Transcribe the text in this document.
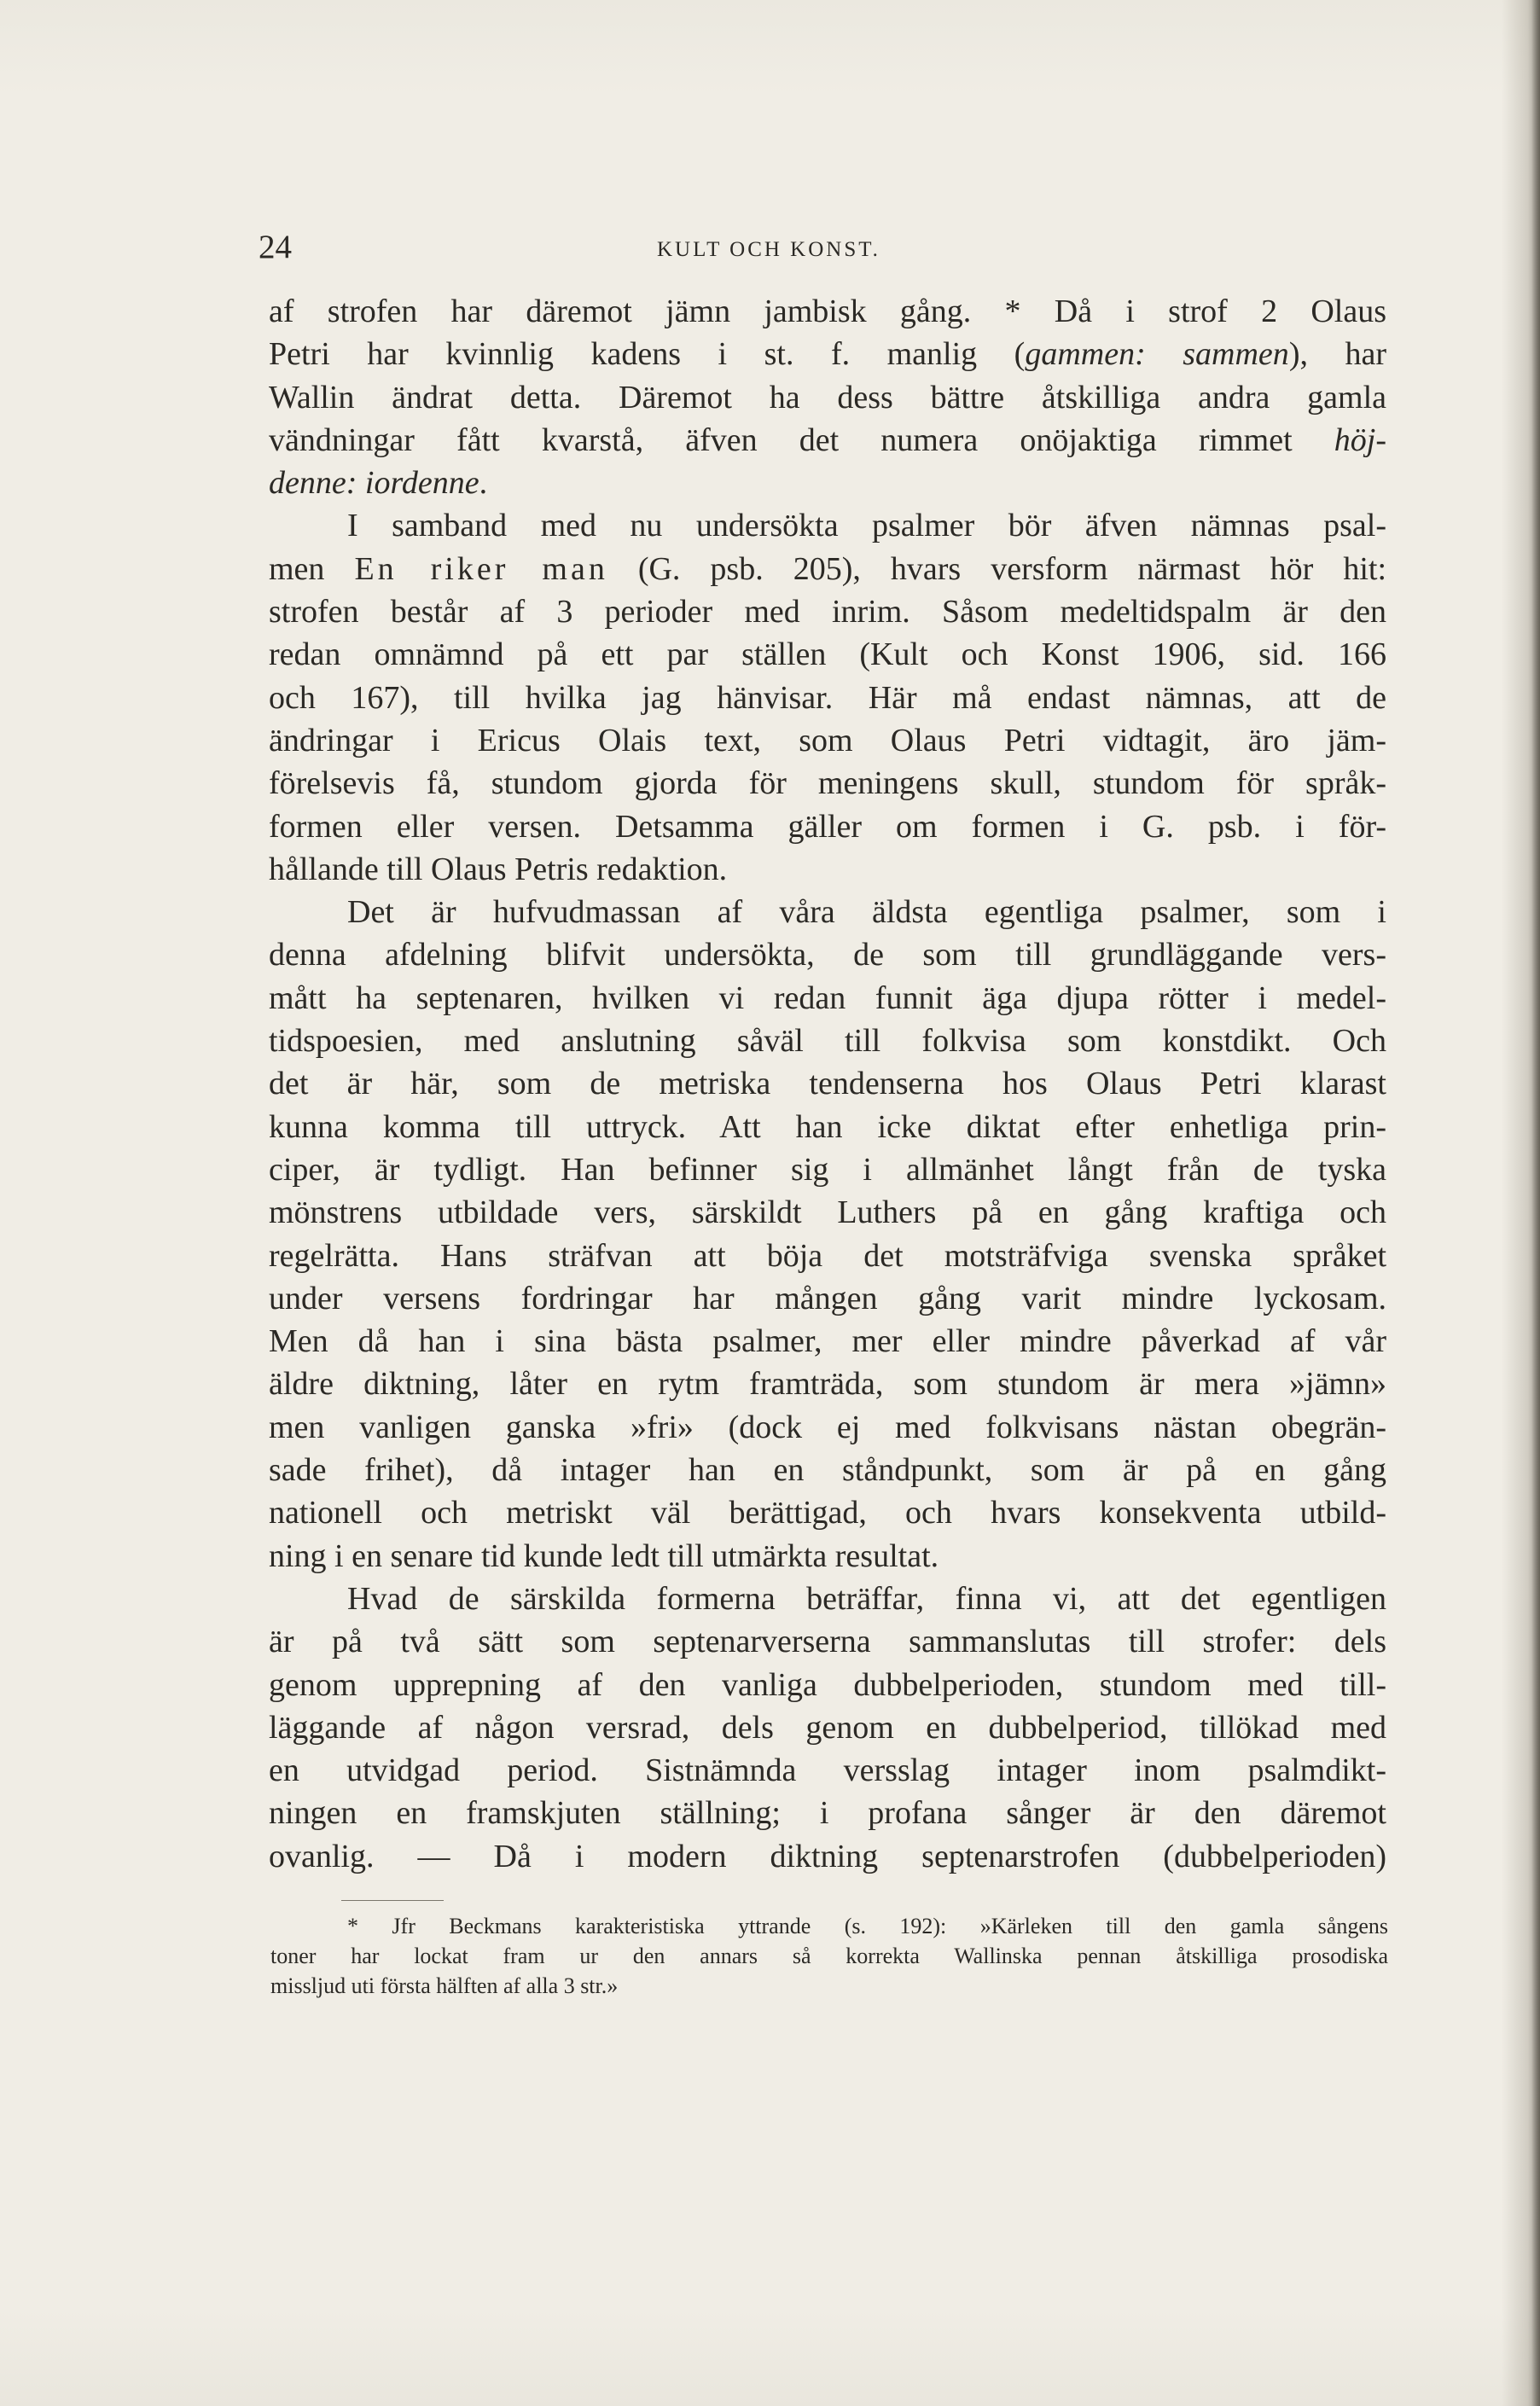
24	KULT OCH KONST.
af strofen har däremot jämn jambisk gång. * Då i strof 2 Olaus
Petri har kvinnlig kadens i st. f. manlig (gammen: sammen), har
Wallin ändrat detta. Däremot ha dess bättre åtskilliga andra gamla
vändningar fått kvarstå, äfven det numera onöjaktiga rimmet höj-
denne: iordenne.
I samband med nu undersökta psalmer bör äfven nämnas psal-
men En riker man (G. psb. 205), hvars versform närmast hör hit:
strofen består af 3 perioder med inrim. Såsom medeltidspalm är den
redan omnämnd på ett par ställen (Kult och Konst 1906, sid. 166
och 167), till hvilka jag hänvisar. Här må endast nämnas, att de
ändringar i Ericus Olais text, som Olaus Petri vidtagit, äro jäm-
förelsevis få, stundom gjorda för meningens skull, stundom för språk-
formen eller versen. Detsamma gäller om formen i G. psb. i för-
hållande till Olaus Petris redaktion.
Det är hufvudmassan af våra äldsta egentliga psalmer, som i
denna afdelning blifvit undersökta, de som till grundläggande vers-
mått ha septenaren, hvilken vi redan funnit äga djupa rötter i medel-
tidspoesien, med anslutning såväl till folkvisa som konstdikt. Och
det är här, som de metriska tendenserna hos Olaus Petri klarast
kunna komma till uttryck. Att han icke diktat efter enhetliga prin-
ciper, är tydligt. Han befinner sig i allmänhet långt från de tyska
mönstrens utbildade vers, särskildt Luthers på en gång kraftiga och
regelrätta. Hans sträfvan att böja det motsträfviga svenska språket
under versens fordringar har mången gång varit mindre lyckosam.
Men då han i sina bästa psalmer, mer eller mindre påverkad af vår
äldre diktning, låter en rytm framträda, som stundom är mera »jämn»
men vanligen ganska »fri» (dock ej med folkvisans nästan obegrän-
sade frihet), då intager han en ståndpunkt, som är på en gång
nationell och metriskt väl berättigad, och hvars konsekventa utbild-
ning i en senare tid kunde ledt till utmärkta resultat.
Hvad de särskilda formerna beträffar, finna vi, att det egentligen
är på två sätt som septenarverserna sammanslutas till strofer: dels
genom upprepning af den vanliga dubbelperioden, stundom med till-
läggande af någon versrad, dels genom en dubbelperiod, tillökad med
en utvidgad period. Sistnämnda versslag intager inom psalmdikt-
ningen en framskjuten ställning; i profana sånger är den däremot
ovanlig. — Då i modern diktning septenarstrofen (dubbelperioden)
* Jfr Beckmans karakteristiska yttrande (s. 192): »Kärleken till den gamla sångens
toner har lockat fram ur den annars så korrekta Wallinska pennan åtskilliga prosodiska
missljud uti första hälften af alla 3 str.»
